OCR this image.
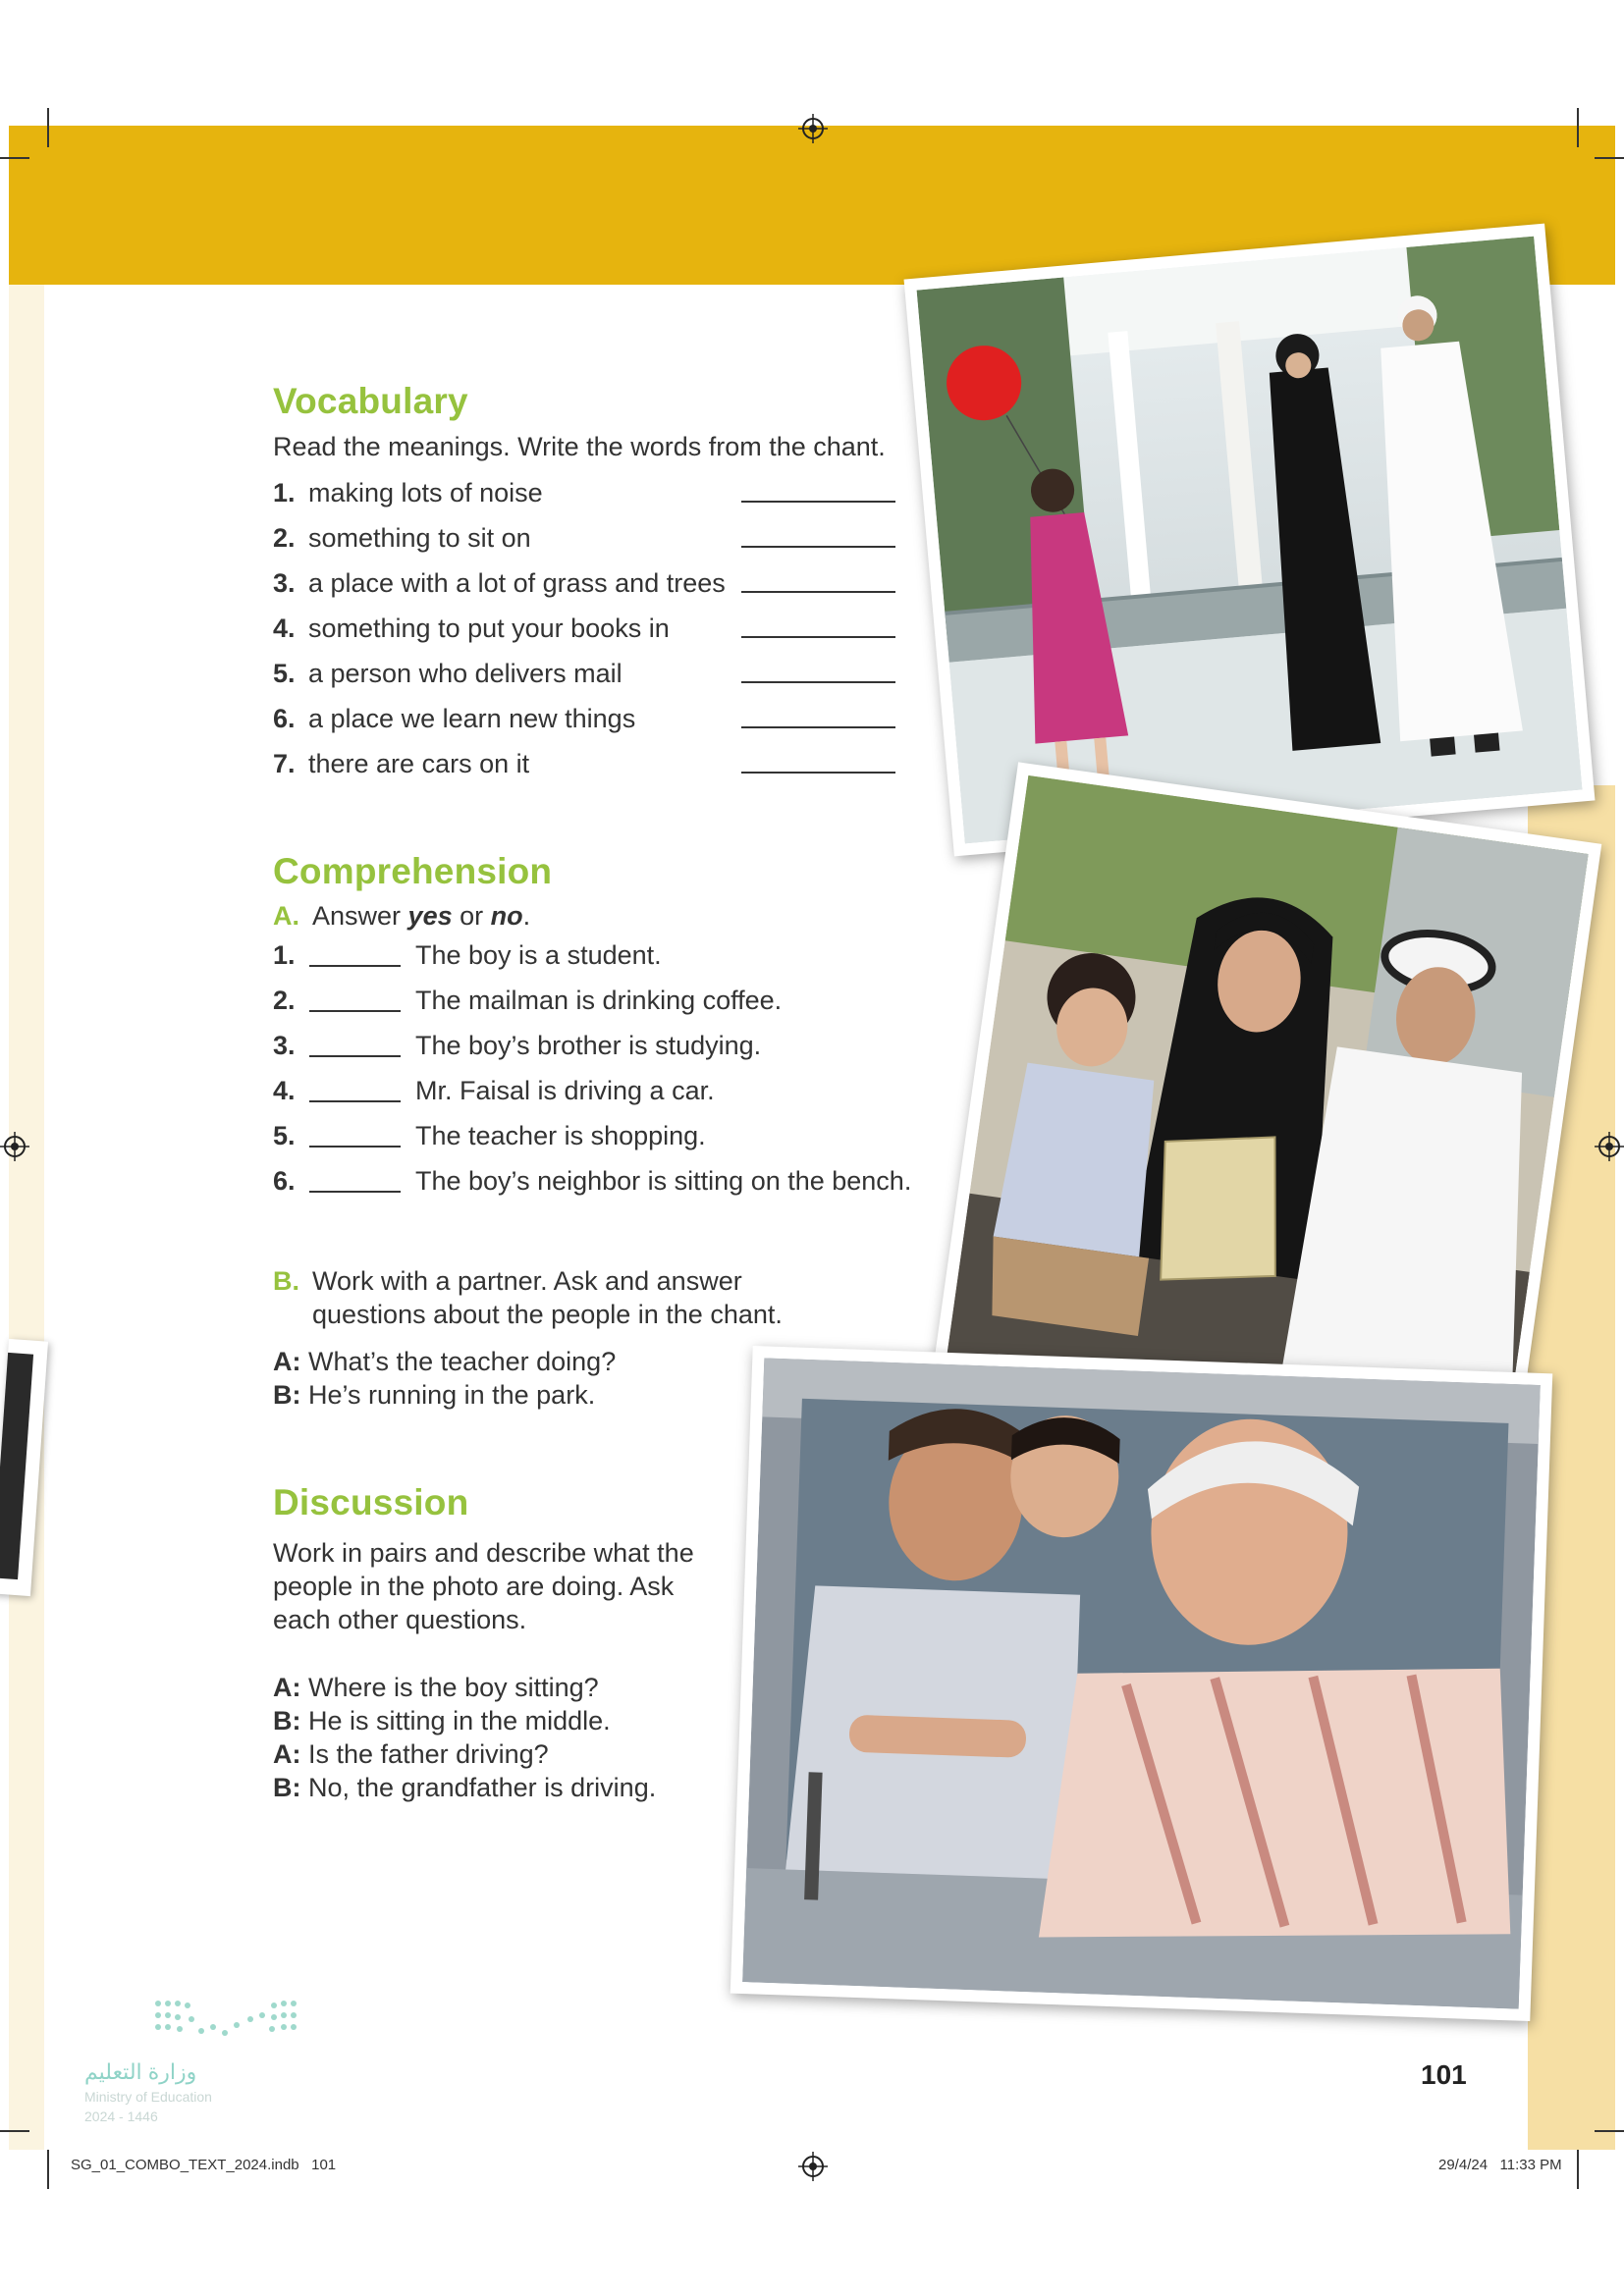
Vocabulary
Read the meanings. Write the words from the chant.
1. making lots of noise
2. something to sit on
3. a place with a lot of grass and trees
4. something to put your books in
5. a person who delivers mail
6. a place we learn new things
7. there are cars on it
Comprehension
A. Answer yes or no.
1.	The boy is a student.
2.	The mailman is drinking coffee.
3.	The boy’s brother is studying.
4.	Mr. Faisal is driving a car.
5.	The teacher is shopping.
6.	The boy’s neighbor is sitting on the bench.
B. Work with a partner. Ask and answer
questions about the people in the chant.
A: What’s the teacher doing?
B: He’s running in the park.
Discussion
Work in pairs and describe what the
people in the photo are doing. Ask
each other questions.
A: Where is the boy sitting?
B: He is sitting in the middle.
A: Is the father driving?
B: No, the grandfather is driving.
وزارة التعليم
Ministry of Education
2024 - 1446
101
SG_01_COMBO_TEXT_2024.indb   101	29/4/24   11:33 PM
